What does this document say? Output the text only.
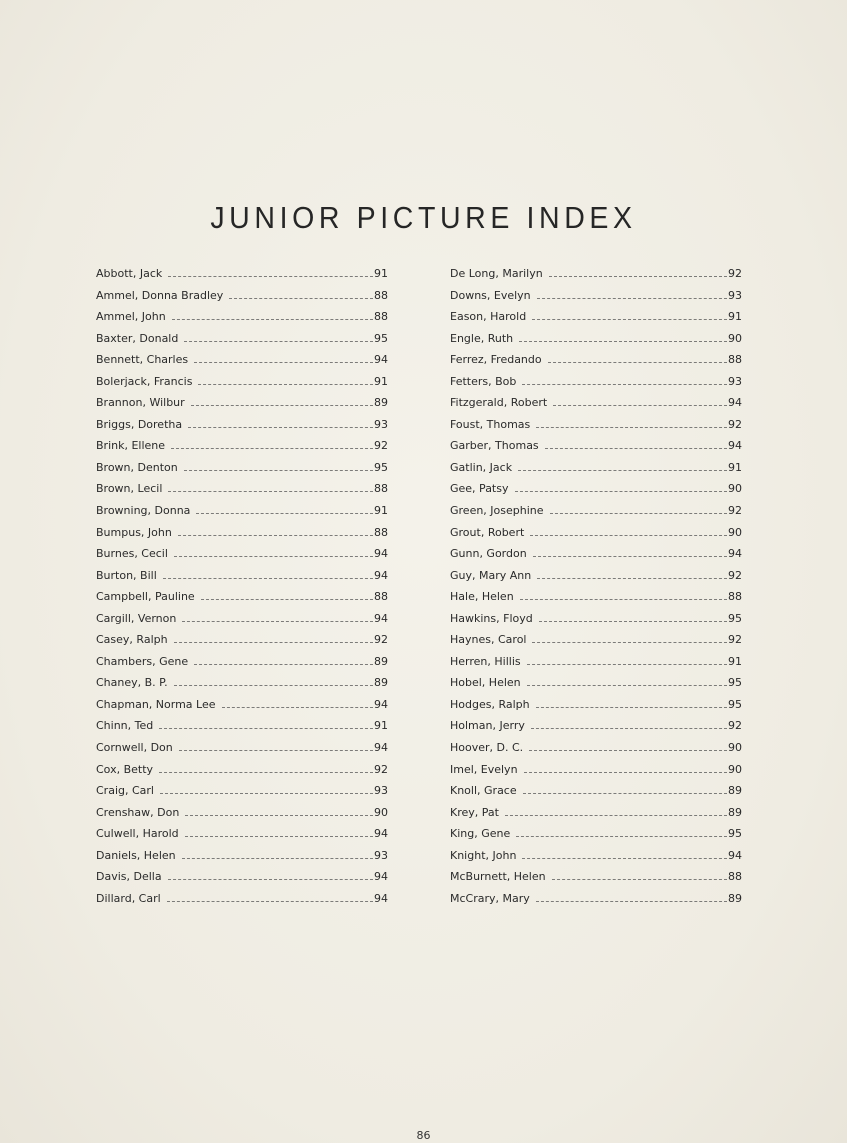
JUNIOR PICTURE INDEX
Abbott, Jack	91
Ammel, Donna Bradley	88
Ammel, John	88
Baxter, Donald	95
Bennett, Charles	94
Bolerjack, Francis	91
Brannon, Wilbur	89
Briggs, Doretha	93
Brink, Ellene	92
Brown, Denton	95
Brown, Lecil	88
Browning, Donna	91
Bumpus, John	88
Burnes, Cecil	94
Burton, Bill	94
Campbell, Pauline	88
Cargill, Vernon	94
Casey, Ralph	92
Chambers, Gene	89
Chaney, B. P.	89
Chapman, Norma Lee	94
Chinn, Ted	91
Cornwell, Don	94
Cox, Betty	92
Craig, Carl	93
Crenshaw, Don	90
Culwell, Harold	94
Daniels, Helen	93
Davis, Della	94
Dillard, Carl	94
De Long, Marilyn	92
Downs, Evelyn	93
Eason, Harold	91
Engle, Ruth	90
Ferrez, Fredando	88
Fetters, Bob	93
Fitzgerald, Robert	94
Foust, Thomas	92
Garber, Thomas	94
Gatlin, Jack	91
Gee, Patsy	90
Green, Josephine	92
Grout, Robert	90
Gunn, Gordon	94
Guy, Mary Ann	92
Hale, Helen	88
Hawkins, Floyd	95
Haynes, Carol	92
Herren, Hillis	91
Hobel, Helen	95
Hodges, Ralph	95
Holman, Jerry	92
Hoover, D. C.	90
Imel, Evelyn	90
Knoll, Grace	89
Krey, Pat	89
King, Gene	95
Knight, John	94
McBurnett, Helen	88
McCrary, Mary	89
86
